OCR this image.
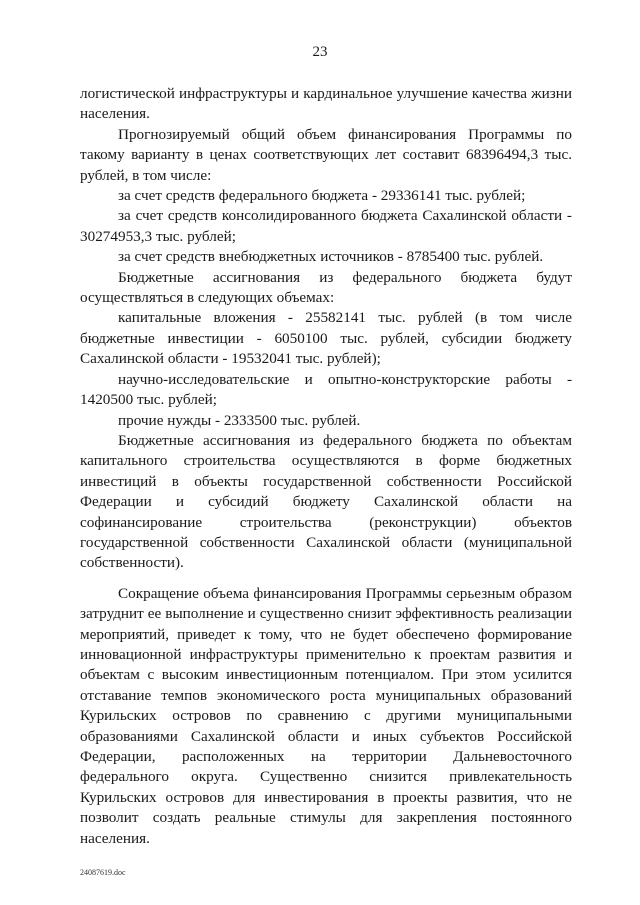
23

логистической инфраструктуры и кардинальное улучшение качества жизни населения.

Прогнозируемый общий объем финансирования Программы по такому варианту в ценах соответствующих лет составит 68396494,3 тыс. рублей, в том числе:

за счет средств федерального бюджета - 29336141 тыс. рублей;

за счет средств консолидированного бюджета Сахалинской области - 30274953,3 тыс. рублей;

за счет средств внебюджетных источников - 8785400 тыс. рублей.

Бюджетные ассигнования из федерального бюджета будут осуществляться в следующих объемах:

капитальные вложения - 25582141 тыс. рублей (в том числе бюджетные инвестиции - 6050100 тыс. рублей, субсидии бюджету Сахалинской области - 19532041 тыс. рублей);

научно-исследовательские и опытно-конструкторские работы - 1420500 тыс. рублей;

прочие нужды - 2333500 тыс. рублей.

Бюджетные ассигнования из федерального бюджета по объектам капитального строительства осуществляются в форме бюджетных инвестиций в объекты государственной собственности Российской Федерации и субсидий бюджету Сахалинской области на софинансирование строительства (реконструкции) объектов государственной собственности Сахалинской области (муниципальной собственности).

Сокращение объема финансирования Программы серьезным образом затруднит ее выполнение и существенно снизит эффективность реализации мероприятий, приведет к тому, что не будет обеспечено формирование инновационной инфраструктуры применительно к проектам развития и объектам с высоким инвестиционным потенциалом. При этом усилится отставание темпов экономического роста муниципальных образований Курильских островов по сравнению с другими муниципальными образованиями Сахалинской области и иных субъектов Российской Федерации, расположенных на территории Дальневосточного федерального округа. Существенно снизится привлекательность Курильских островов для инвестирования в проекты развития, что не позволит создать реальные стимулы для закрепления постоянного населения.

24087619.doc
